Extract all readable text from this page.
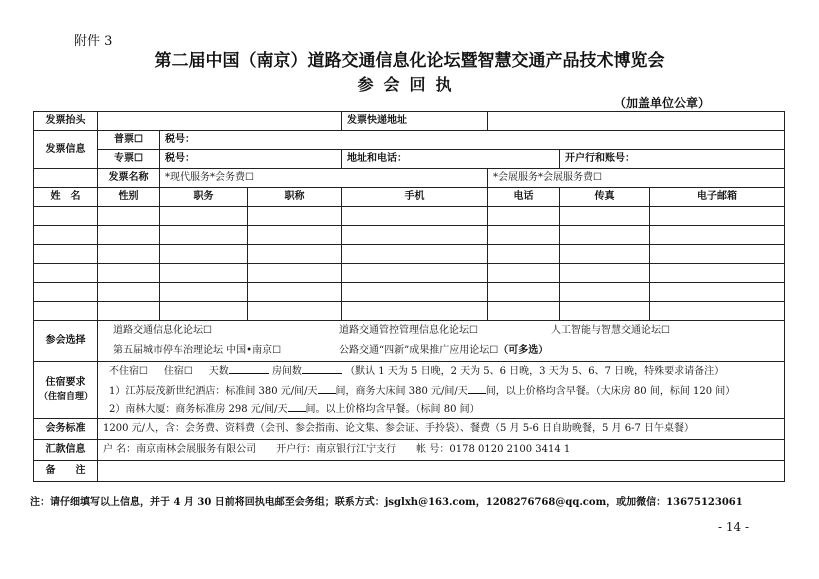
附件 3
第二届中国（南京）道路交通信息化论坛暨智慧交通产品技术博览会
参会回执
（加盖单位公章）
发票抬头				发票快递地址			
发票信息	普票☐	税号：					
	专票☐	税号：		地址和电话：		开户行和账号：	
	发票名称	*现代服务*会务费☐			*会展服务*会展服务费☐		
姓　名	性别	职务	职称	手机	电话	传真	电子邮箱

参会选择	道路交通信息化论坛☐ 道路交通管控管理信息化论坛☐ 人工智能与智慧交通论坛☐
第五届城市停车治理论坛 中国•南京☐ 公路交通“四新”成果推广应用论坛☐（可多选）						

住宿要求
（住宿自理）	不住宿☐ 住宿☐ 天数 房间数 （默认 1 天为 5 日晚，2 天为 5、6 日晚，3 天为 5、6、7 日晚，特殊要求请备注）
1）江苏辰茂新世纪酒店：标准间 380 元/间/天 间，商务大床间 380 元/间/天 间，以上价格均含早餐。（大床房 80 间，标间 120 间）
2）南林大厦：商务标准房 298 元/间/天 间。以上价格均含早餐。（标间 80 间）						

会务标准	1200 元/人，含：会务费、资料费（会刊、参会指南、论文集、参会证、手拎袋）、餐费（5 月 5-6 日自助晚餐，5 月 6-7 日午桌餐）						
汇款信息	户 名：南京南林会展服务有限公司　　开户行：南京银行江宁支行　　帐 号：0178 0120 2100 3414 1						
备　　注							
注：请仔细填写以上信息，并于 4 月 30 日前将回执电邮至会务组；联系方式：jsglxh@163.com，1208276768@qq.com，或加微信：13675123061
- 14 -
